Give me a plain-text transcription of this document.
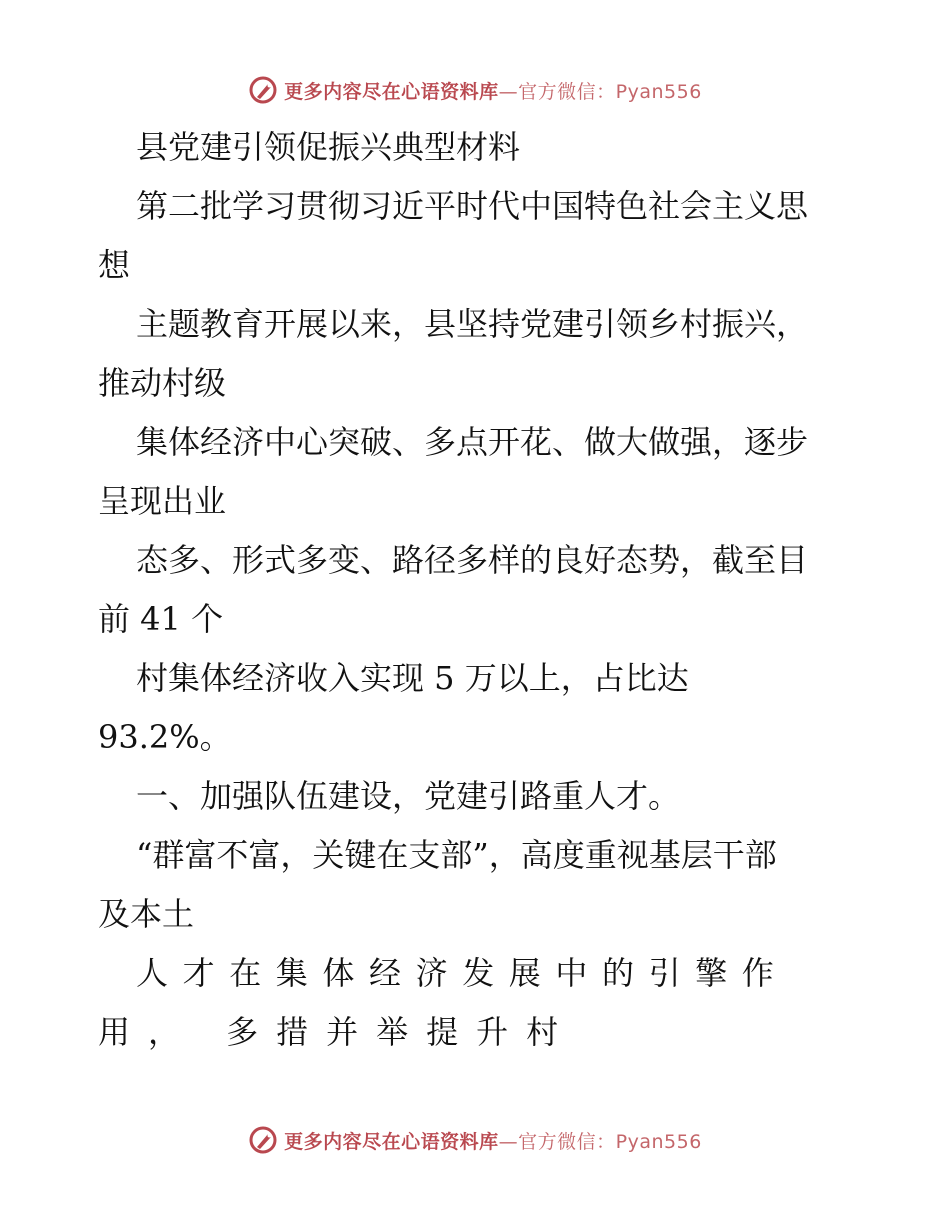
更多内容尽在心语资料库—官方微信：Pyan556
县党建引领促振兴典型材料
第二批学习贯彻习近平时代中国特色社会主义思
想
主题教育开展以来，县坚持党建引领乡村振兴，
推动村级
集体经济中心突破、多点开花、做大做强，逐步
呈现出业
态多、形式多变、路径多样的良好态势，截至目
前 41 个
村集体经济收入实现 5 万以上，占比达
93.2%。
一、加强队伍建设，党建引路重人才。
“群富不富，关键在支部”，高度重视基层干部
及本土
人才在集体经济发展中的引擎作
用， 多措并举提升村
更多内容尽在心语资料库—官方微信：Pyan556
